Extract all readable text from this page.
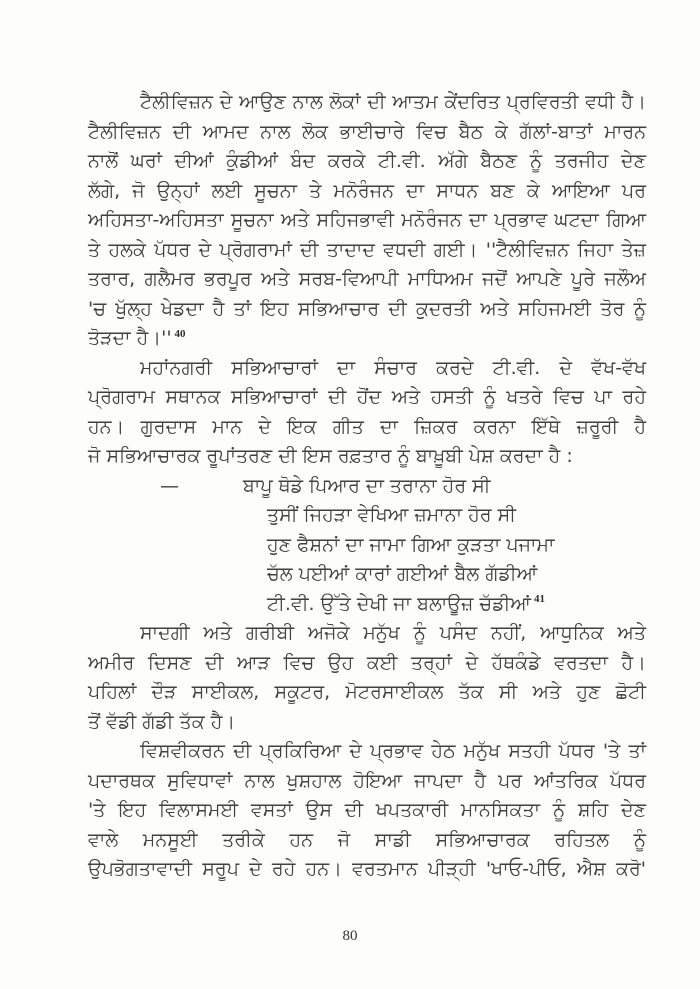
ਟੈਲੀਵਿਜ਼ਨ ਦੇ ਆਉਣ ਨਾਲ ਲੋਕਾਂ ਦੀ ਆਤਮ ਕੇਂਦਰਿਤ ਪ੍ਰਵਿਰਤੀ ਵਧੀ ਹੈ।
ਟੈਲੀਵਿਜ਼ਨ ਦੀ ਆਮਦ ਨਾਲ ਲੋਕ ਭਾਈਚਾਰੇ ਵਿਚ ਬੈਠ ਕੇ ਗੱਲਾਂ-ਬਾਤਾਂ ਮਾਰਨ
ਨਾਲੋਂ ਘਰਾਂ ਦੀਆਂ ਕੁੰਡੀਆਂ ਬੰਦ ਕਰਕੇ ਟੀ.ਵੀ. ਅੱਗੇ ਬੈਠਣ ਨੂੰ ਤਰਜੀਹ ਦੇਣ
ਲੱਗੇ, ਜੋ ਉਨ੍ਹਾਂ ਲਈ ਸੂਚਨਾ ਤੇ ਮਨੋਰੰਜਨ ਦਾ ਸਾਧਨ ਬਣ ਕੇ ਆਇਆ ਪਰ
ਅਹਿਸਤਾ-ਅਹਿਸਤਾ ਸੂਚਨਾ ਅਤੇ ਸਹਿਜਭਾਵੀ ਮਨੋਰੰਜਨ ਦਾ ਪ੍ਰਭਾਵ ਘਟਦਾ ਗਿਆ
ਤੇ ਹਲਕੇ ਪੱਧਰ ਦੇ ਪ੍ਰੋਗਰਾਮਾਂ ਦੀ ਤਾਦਾਦ ਵਧਦੀ ਗਈ। ''ਟੈਲੀਵਿਜ਼ਨ ਜਿਹਾ ਤੇਜ਼
ਤਰਾਰ, ਗਲੈਮਰ ਭਰਪੂਰ ਅਤੇ ਸਰਬ-ਵਿਆਪੀ ਮਾਧਿਅਮ ਜਦੋਂ ਆਪਣੇ ਪੂਰੇ ਜਲੌਅ
'ਚ ਖੁੱਲ੍ਹ ਖੇਡਦਾ ਹੈ ਤਾਂ ਇਹ ਸਭਿਆਚਾਰ ਦੀ ਕੁਦਰਤੀ ਅਤੇ ਸਹਿਜਮਈ ਤੋਰ ਨੂੰ
ਤੋੜਦਾ ਹੈ।'' $^{40}$
ਮਹਾਂਨਗਰੀ ਸਭਿਆਚਾਰਾਂ ਦਾ ਸੰਚਾਰ ਕਰਦੇ ਟੀ.ਵੀ. ਦੇ ਵੱਖ-ਵੱਖ
ਪ੍ਰੋਗਰਾਮ ਸਥਾਨਕ ਸਭਿਆਚਾਰਾਂ ਦੀ ਹੋਂਦ ਅਤੇ ਹਸਤੀ ਨੂੰ ਖਤਰੇ ਵਿਚ ਪਾ ਰਹੇ
ਹਨ। ਗੁਰਦਾਸ ਮਾਨ ਦੇ ਇਕ ਗੀਤ ਦਾ ਜ਼ਿਕਰ ਕਰਨਾ ਇੱਥੇ ਜ਼ਰੂਰੀ ਹੈ
ਜੋ ਸਭਿਆਚਾਰਕ ਰੂਪਾਂਤਰਣ ਦੀ ਇਸ ਰਫ਼ਤਾਰ ਨੂੰ ਬਾਖ਼ੂਬੀ ਪੇਸ਼ ਕਰਦਾ ਹੈ :
—	ਬਾਪੂ ਥੋਡੇ ਪਿਆਰ ਦਾ ਤਰਾਨਾ ਹੋਰ ਸੀ
ਤੁਸੀਂ ਜਿਹੜਾ ਵੇਖਿਆ ਜ਼ਮਾਨਾ ਹੋਰ ਸੀ
ਹੁਣ ਫੈਸ਼ਨਾਂ ਦਾ ਜਾਮਾ ਗਿਆ ਕੁੜਤਾ ਪਜਾਮਾ
ਚੱਲ ਪਈਆਂ ਕਾਰਾਂ ਗਈਆਂ ਬੈਲ ਗੱਡੀਆਂ
ਟੀ.ਵੀ. ਉੱਤੇ ਦੇਖੀ ਜਾ ਬਲਾਊਜ਼ ਚੱਡੀਆਂ $^{41}$
ਸਾਦਗੀ ਅਤੇ ਗਰੀਬੀ ਅਜੋਕੇ ਮਨੁੱਖ ਨੂੰ ਪਸੰਦ ਨਹੀਂ, ਆਧੁਨਿਕ ਅਤੇ
ਅਮੀਰ ਦਿਸਣ ਦੀ ਆੜ ਵਿਚ ਉਹ ਕਈ ਤਰ੍ਹਾਂ ਦੇ ਹੱਥਕੰਡੇ ਵਰਤਦਾ ਹੈ।
ਪਹਿਲਾਂ ਦੌੜ ਸਾਈਕਲ, ਸਕੂਟਰ, ਮੋਟਰਸਾਈਕਲ ਤੱਕ ਸੀ ਅਤੇ ਹੁਣ ਛੋਟੀ
ਤੋਂ ਵੱਡੀ ਗੱਡੀ ਤੱਕ ਹੈ।
ਵਿਸ਼ਵੀਕਰਨ ਦੀ ਪ੍ਰਕਿਰਿਆ ਦੇ ਪ੍ਰਭਾਵ ਹੇਠ ਮਨੁੱਖ ਸਤਹੀ ਪੱਧਰ 'ਤੇ ਤਾਂ
ਪਦਾਰਥਕ ਸੁਵਿਧਾਵਾਂ ਨਾਲ ਖੁਸ਼ਹਾਲ ਹੋਇਆ ਜਾਪਦਾ ਹੈ ਪਰ ਆਂਤਰਿਕ ਪੱਧਰ
'ਤੇ ਇਹ ਵਿਲਾਸਮਈ ਵਸਤਾਂ ਉਸ ਦੀ ਖਪਤਕਾਰੀ ਮਾਨਸਿਕਤਾ ਨੂੰ ਸ਼ਹਿ ਦੇਣ
ਵਾਲੇ ਮਨਸੂਈ ਤਰੀਕੇ ਹਨ ਜੋ ਸਾਡੀ ਸਭਿਆਚਾਰਕ ਰਹਿਤਲ ਨੂੰ
ਉਪਭੋਗਤਾਵਾਦੀ ਸਰੂਪ ਦੇ ਰਹੇ ਹਨ। ਵਰਤਮਾਨ ਪੀੜ੍ਹੀ 'ਖਾਓ-ਪੀਓ, ਐਸ਼ ਕਰੋ'
80
